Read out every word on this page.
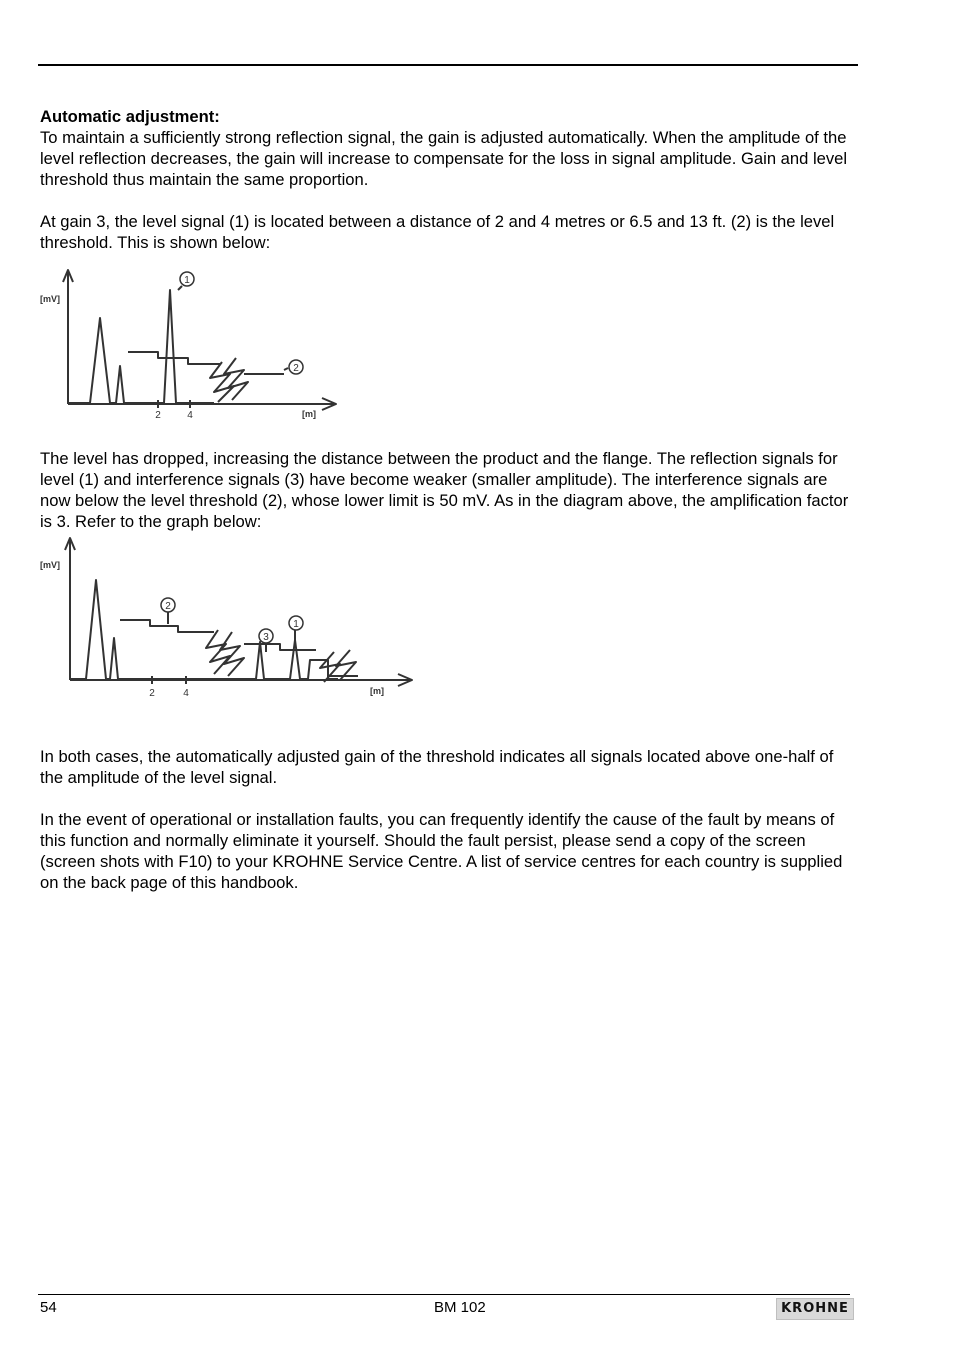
Automatic adjustment:

To maintain a sufficiently strong reflection signal, the gain is adjusted automatically. When the amplitude of the level reflection decreases, the gain will increase to compensate for the loss in signal amplitude. Gain and level threshold thus maintain the same proportion.

At gain 3, the level signal (1) is located between a distance of 2 and 4 metres or 6.5 and 13 ft. (2) is the level threshold. This is shown below:

1
2
[mV]
[m]
2	4

The level has dropped, increasing the distance between the product and the flange. The reflection signals for level (1) and interference signals (3) have become weaker (smaller amplitude). The interference signals are now below the level threshold (2), whose lower limit is 50 mV. As in the diagram above, the amplification factor is 3. Refer to the graph below:

2
3
1
[mV]
[m]
2	4

In both cases, the automatically adjusted gain of the threshold indicates all signals located above one-half of the amplitude of the level signal.

In the event of operational or installation faults, you can frequently identify the cause of the fault by means of this function and normally eliminate it yourself. Should the fault persist, please send a copy of the screen (screen shots with F10) to your KROHNE Service Centre. A list of service centres for each country is supplied on the back page of this handbook.

54	BM 102	KROHNE
